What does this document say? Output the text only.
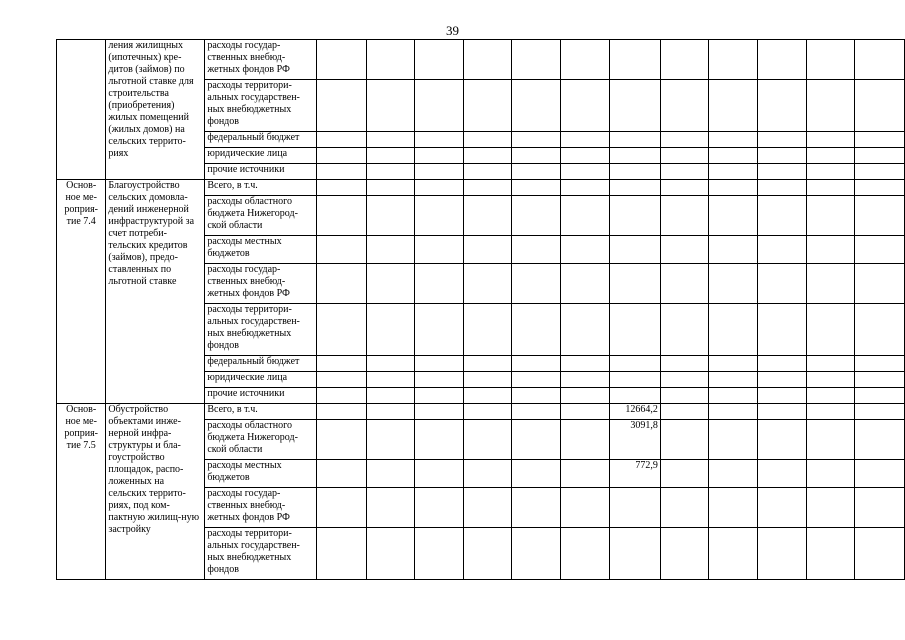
39
	ления жилищных (ипотечных) кре-дитов (займов) по льготной ставке для строительства (приобретения) жилых помещений (жилых домов) на сельских террито-риях	расходы государ-ственных внебюд-жетных фондов РФ												
		расходы территори-альных государствен-ных внебюджетных фондов												
		федеральный бюджет												
		юридические лица												
		прочие источники												
Основ-ное ме-роприя-тие 7.4	Благоустройство сельских домовла-дений инженерной инфраструктурой за счет потреби-тельских кредитов (займов), предо-ставленных по льготной ставке	Всего, в т.ч.												
		расходы областного бюджета Нижегород-ской области												
		расходы местных бюджетов												
		расходы государ-ственных внебюд-жетных фондов РФ												
		расходы территори-альных государствен-ных внебюджетных фондов												
		федеральный бюджет												
		юридические лица												
		прочие источники												
Основ-ное ме-роприя-тие 7.5	Обустройство объектами инже-нерной инфра-структуры и бла-гоустройство площадок, распо-ложенных на сельских террито-риях, под ком-пактную жилищ-ную застройку	Всего, в т.ч.							12664,2					
		расходы областного бюджета Нижегород-ской области							3091,8					
		расходы местных бюджетов							772,9					
		расходы государ-ственных внебюд-жетных фондов РФ												
		расходы территори-альных государствен-ных внебюджетных фондов												
